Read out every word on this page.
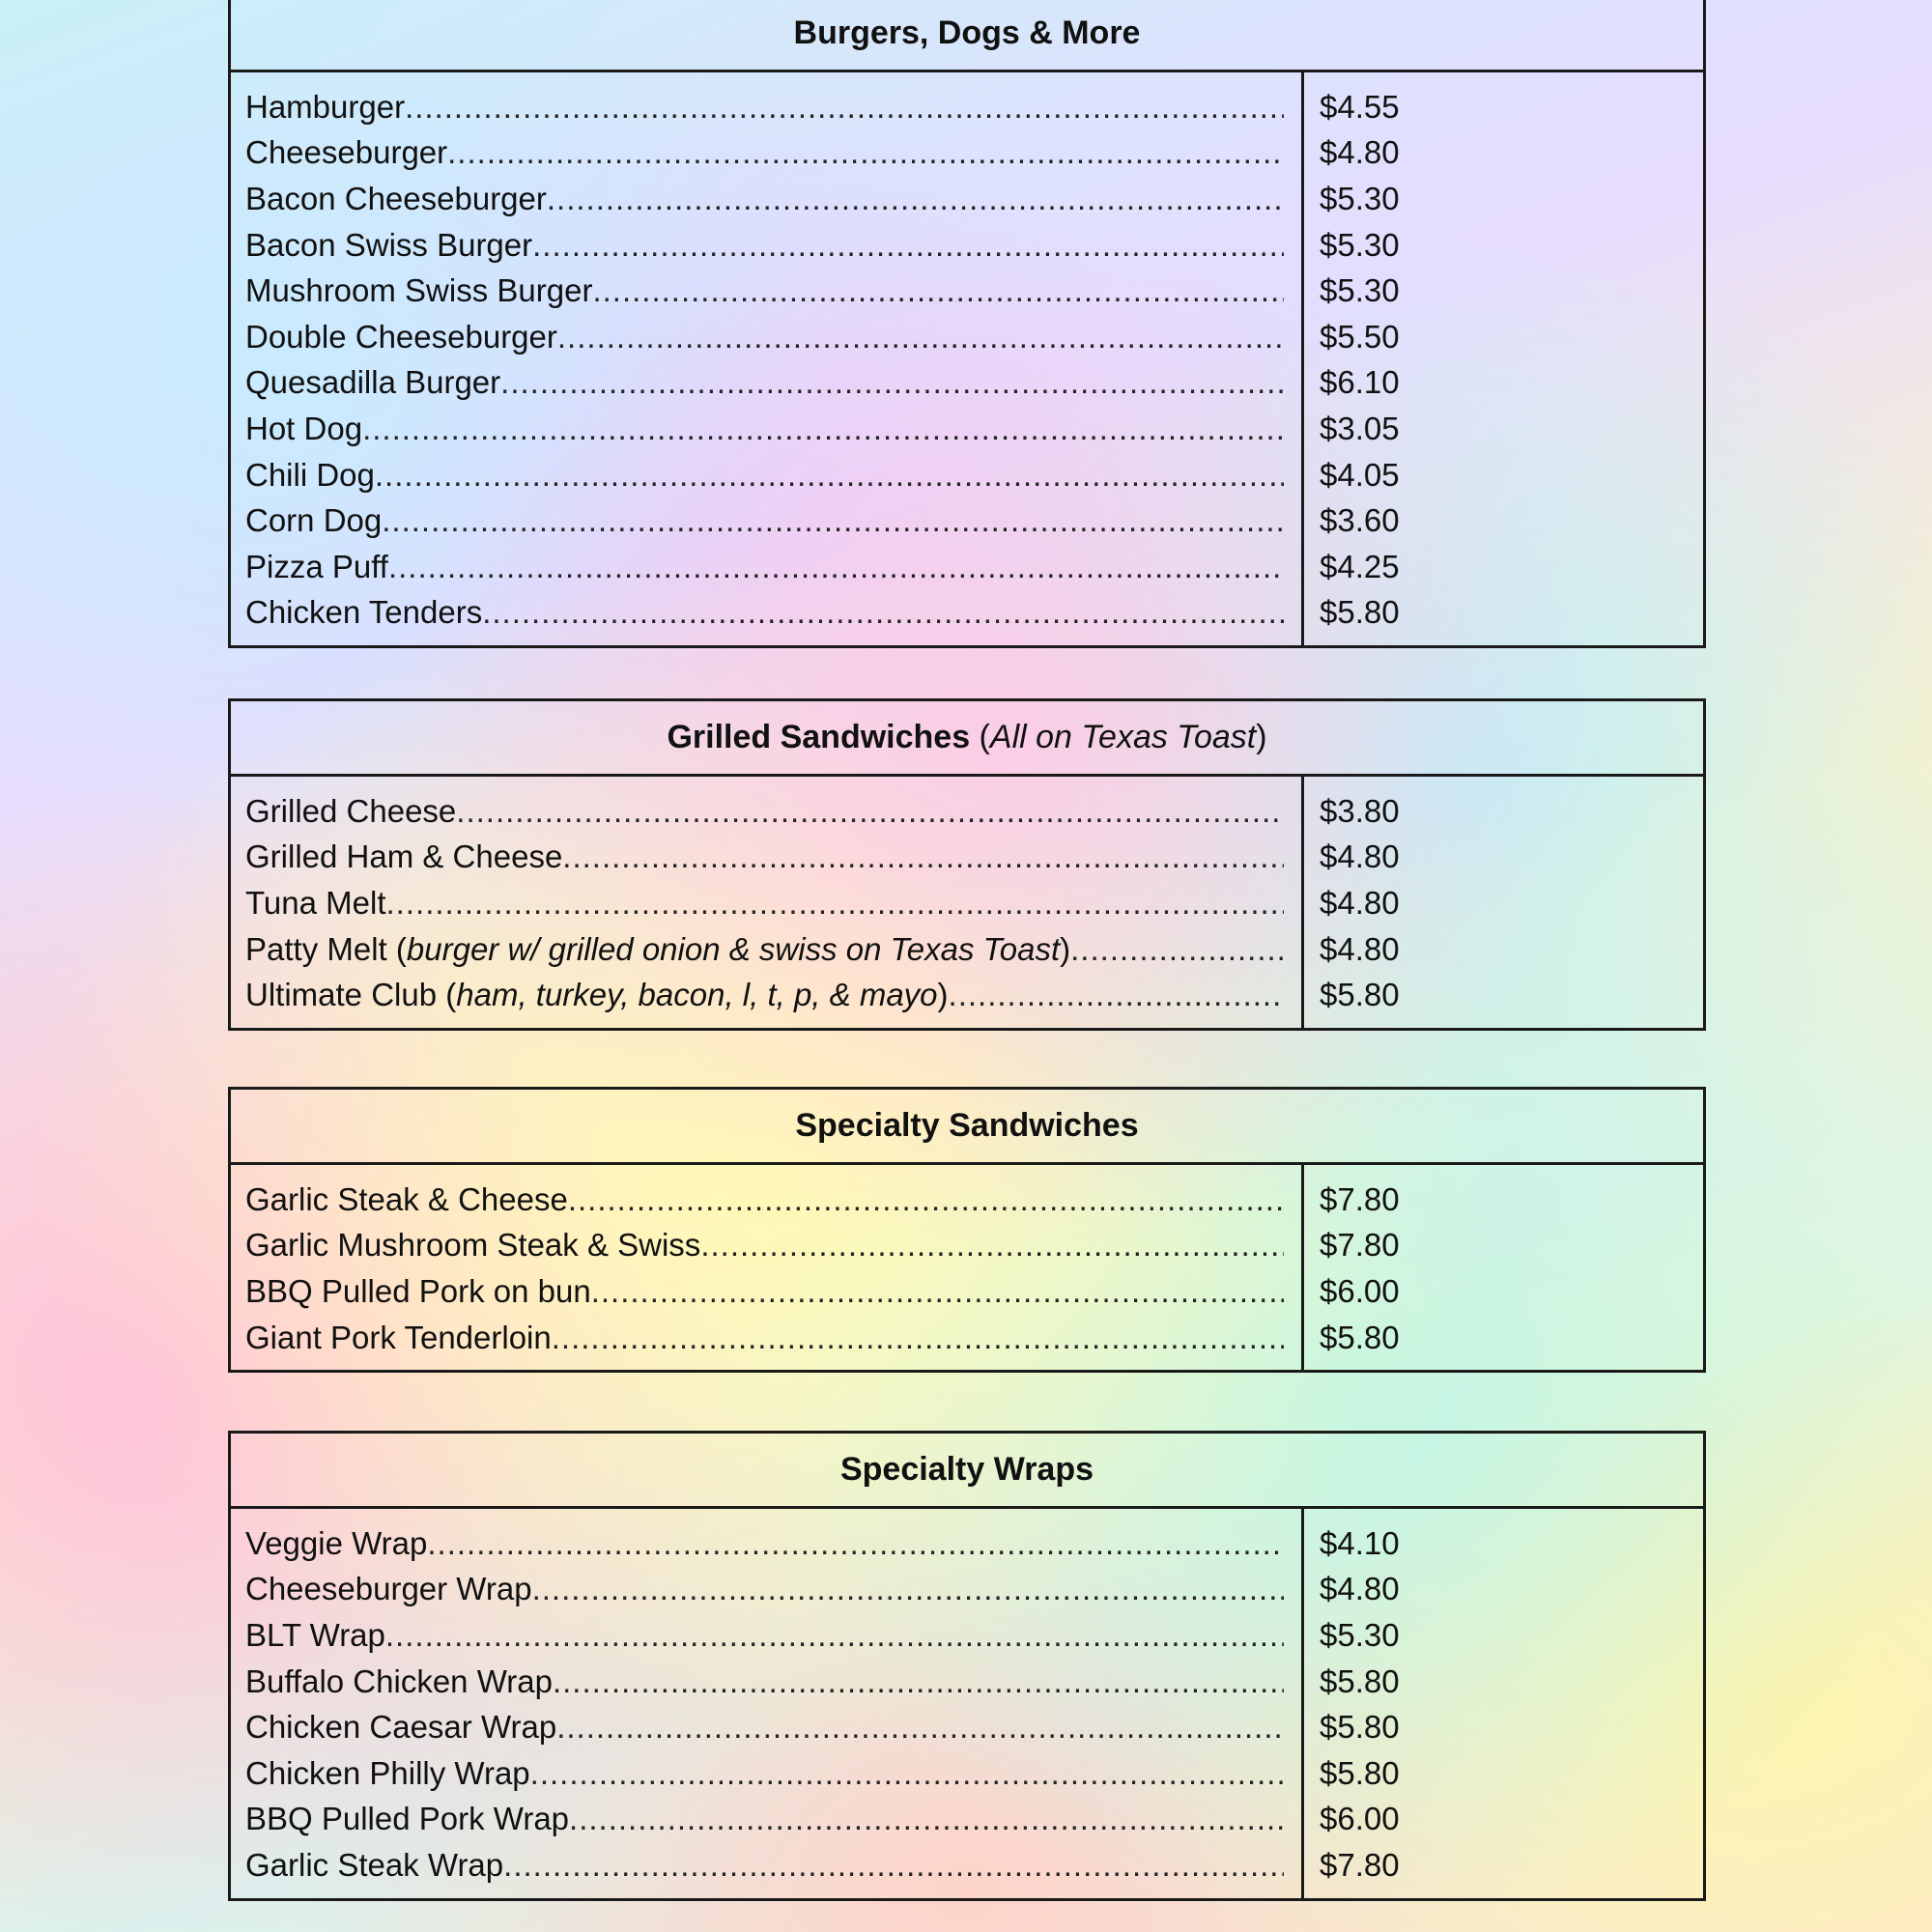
Burgers, Dogs & More
Hamburger
.....
Cheeseburger
.....
Bacon Cheeseburger
.....
Bacon Swiss Burger
.....
Mushroom Swiss Burger
.....
Double Cheeseburger
.....
Quesadilla Burger
.....
Hot Dog
.....
Chili Dog
.....
Corn Dog
.....
Pizza Puff
.....
Chicken Tenders
.....
$4.55
$4.80
$5.30
$5.30
$5.30
$5.50
$6.10
$3.05
$4.05
$3.60
$4.25
$5.80
Grilled Sandwiches (All on Texas Toast)
Grilled Cheese
.....
Grilled Ham & Cheese
.....
Tuna Melt
.....
Patty Melt (burger w/ grilled onion & swiss on Texas Toast)
.....
Ultimate Club (ham, turkey, bacon, l, t, p, & mayo)
.....
$3.80
$4.80
$4.80
$4.80
$5.80
Specialty Sandwiches
Garlic Steak & Cheese
.....
Garlic Mushroom Steak & Swiss
.....
BBQ Pulled Pork on bun
.....
Giant Pork Tenderloin
.....
$7.80
$7.80
$6.00
$5.80
Specialty Wraps
Veggie Wrap
.....
Cheeseburger Wrap
.....
BLT Wrap
.....
Buffalo Chicken Wrap
.....
Chicken Caesar Wrap
.....
Chicken Philly Wrap
.....
BBQ Pulled Pork Wrap
.....
Garlic Steak Wrap
.....
$4.10
$4.80
$5.30
$5.80
$5.80
$5.80
$6.00
$7.80
